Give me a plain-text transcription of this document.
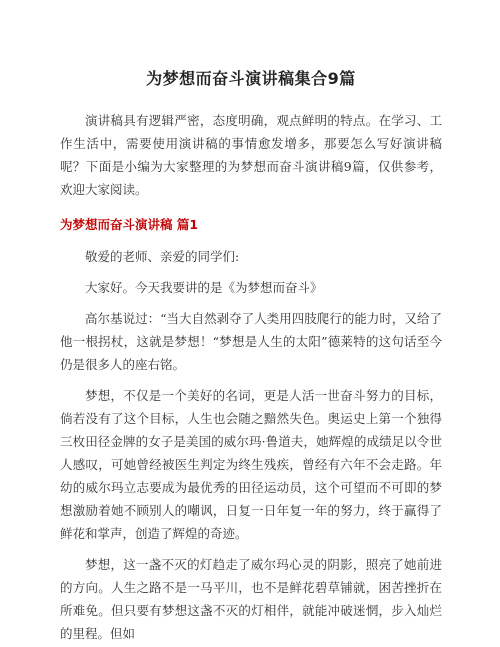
为梦想而奋斗演讲稿集合9篇

演讲稿具有逻辑严密，态度明确，观点鲜明的特点。在学习、工作生活中，需要使用演讲稿的事情愈发增多，那要怎么写好演讲稿呢？下面是小编为大家整理的为梦想而奋斗演讲稿9篇，仅供参考，欢迎大家阅读。

为梦想而奋斗演讲稿 篇1

敬爱的老师、亲爱的同学们:

大家好。今天我要讲的是《为梦想而奋斗》

高尔基说过：“当大自然剥夺了人类用四肢爬行的能力时，又给了他一根拐杖，这就是梦想！“梦想是人生的太阳”德莱特的这句话至今仍是很多人的座右铭。

梦想，不仅是一个美好的名词，更是人活一世奋斗努力的目标，倘若没有了这个目标，人生也会随之黯然失色。奥运史上第一个独得三枚田径金牌的女子是美国的威尔玛·鲁道夫，她辉煌的成绩足以令世人感叹，可她曾经被医生判定为终生残疾，曾经有六年不会走路。年幼的威尔玛立志要成为最优秀的田径运动员，这个可望而不可即的梦想激励着她不顾别人的嘲讽，日复一日年复一年的努力，终于赢得了鲜花和掌声，创造了辉煌的奇迹。

梦想，这一盏不灭的灯趋走了威尔玛心灵的阴影，照亮了她前进的方向。人生之路不是一马平川，也不是鲜花碧草铺就，困苦挫折在所难免。但只要有梦想这盏不灭的灯相伴，就能冲破迷惘，步入灿烂的里程。但如
